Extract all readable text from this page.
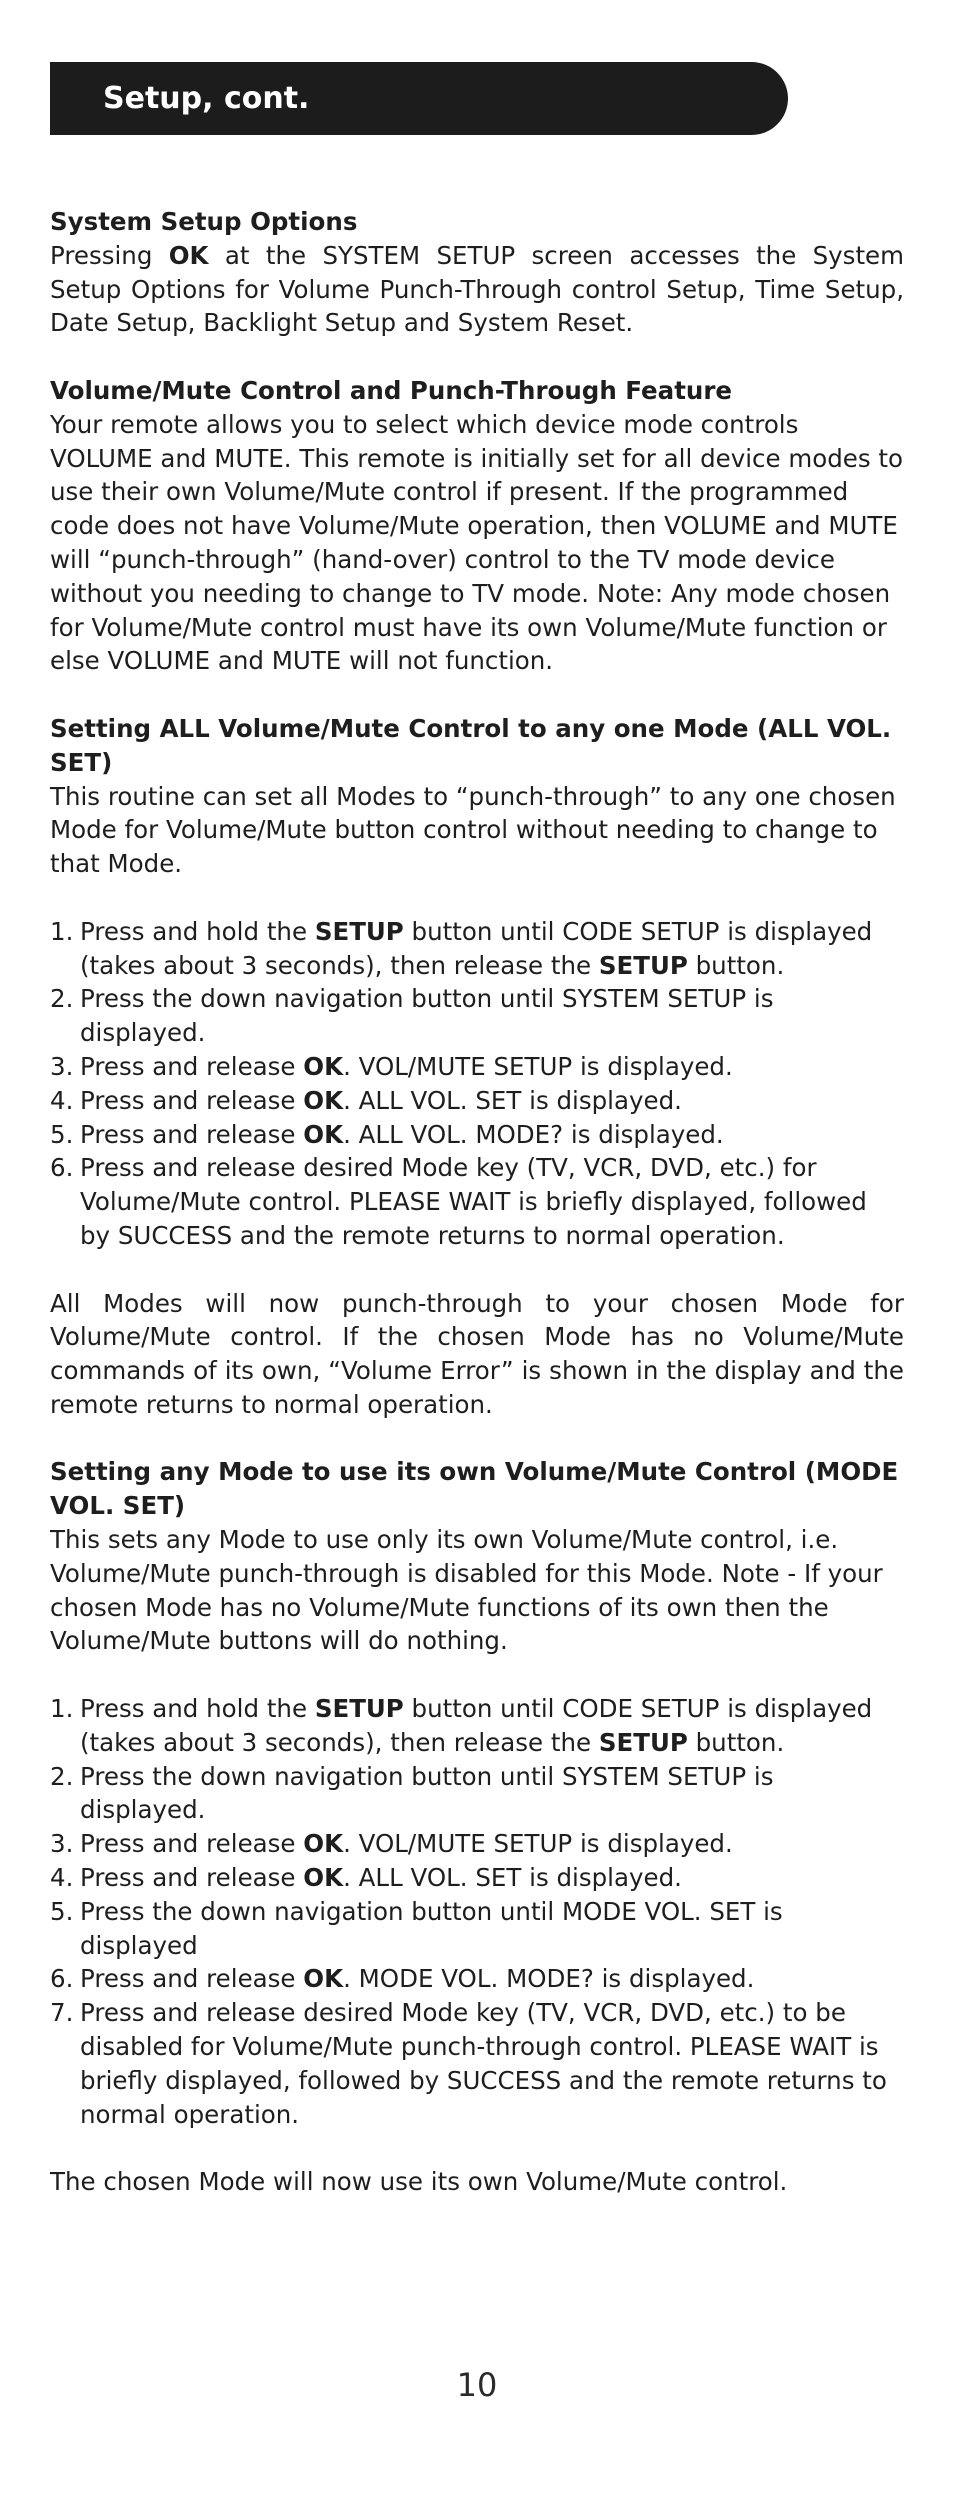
Setup, cont.
System Setup Options
Pressing OK at the SYSTEM SETUP screen accesses the System Setup Options for Volume Punch-Through control Setup, Time Setup, Date Setup, Backlight Setup and System Reset.
Volume/Mute Control and Punch-Through Feature
Your remote allows you to select which device mode controls VOLUME and MUTE. This remote is initially set for all device modes to use their own Volume/Mute control if present. If the programmed code does not have Volume/Mute operation, then VOLUME and MUTE will “punch-through” (hand-over) control to the TV mode device without you needing to change to TV mode. Note: Any mode chosen for Volume/Mute control must have its own Volume/Mute function or else VOLUME and MUTE will not function.
Setting ALL Volume/Mute Control to any one Mode (ALL VOL. SET)
This routine can set all Modes to “punch-through” to any one chosen Mode for Volume/Mute button control without needing to change to that Mode.
1. Press and hold the SETUP button until CODE SETUP is displayed (takes about 3 seconds), then release the SETUP button.
2. Press the down navigation button until SYSTEM SETUP is displayed.
3. Press and release OK. VOL/MUTE SETUP is displayed.
4. Press and release OK. ALL VOL. SET is displayed.
5. Press and release OK. ALL VOL. MODE? is displayed.
6. Press and release desired Mode key (TV, VCR, DVD, etc.) for Volume/Mute control. PLEASE WAIT is briefly displayed, followed by SUCCESS and the remote returns to normal operation.
All Modes will now punch-through to your chosen Mode for Volume/Mute control. If the chosen Mode has no Volume/Mute commands of its own, “Volume Error” is shown in the display and the remote returns to normal operation.
Setting any Mode to use its own Volume/Mute Control (MODE VOL. SET)
This sets any Mode to use only its own Volume/Mute control, i.e. Volume/Mute punch-through is disabled for this Mode. Note - If your chosen Mode has no Volume/Mute functions of its own then the Volume/Mute buttons will do nothing.
1. Press and hold the SETUP button until CODE SETUP is displayed (takes about 3 seconds), then release the SETUP button.
2. Press the down navigation button until SYSTEM SETUP is displayed.
3. Press and release OK. VOL/MUTE SETUP is displayed.
4. Press and release OK. ALL VOL. SET is displayed.
5. Press the down navigation button until MODE VOL. SET is displayed
6. Press and release OK. MODE VOL. MODE? is displayed.
7. Press and release desired Mode key (TV, VCR, DVD, etc.) to be disabled for Volume/Mute punch-through control. PLEASE WAIT is briefly displayed, followed by SUCCESS and the remote returns to normal operation.
The chosen Mode will now use its own Volume/Mute control.
10
